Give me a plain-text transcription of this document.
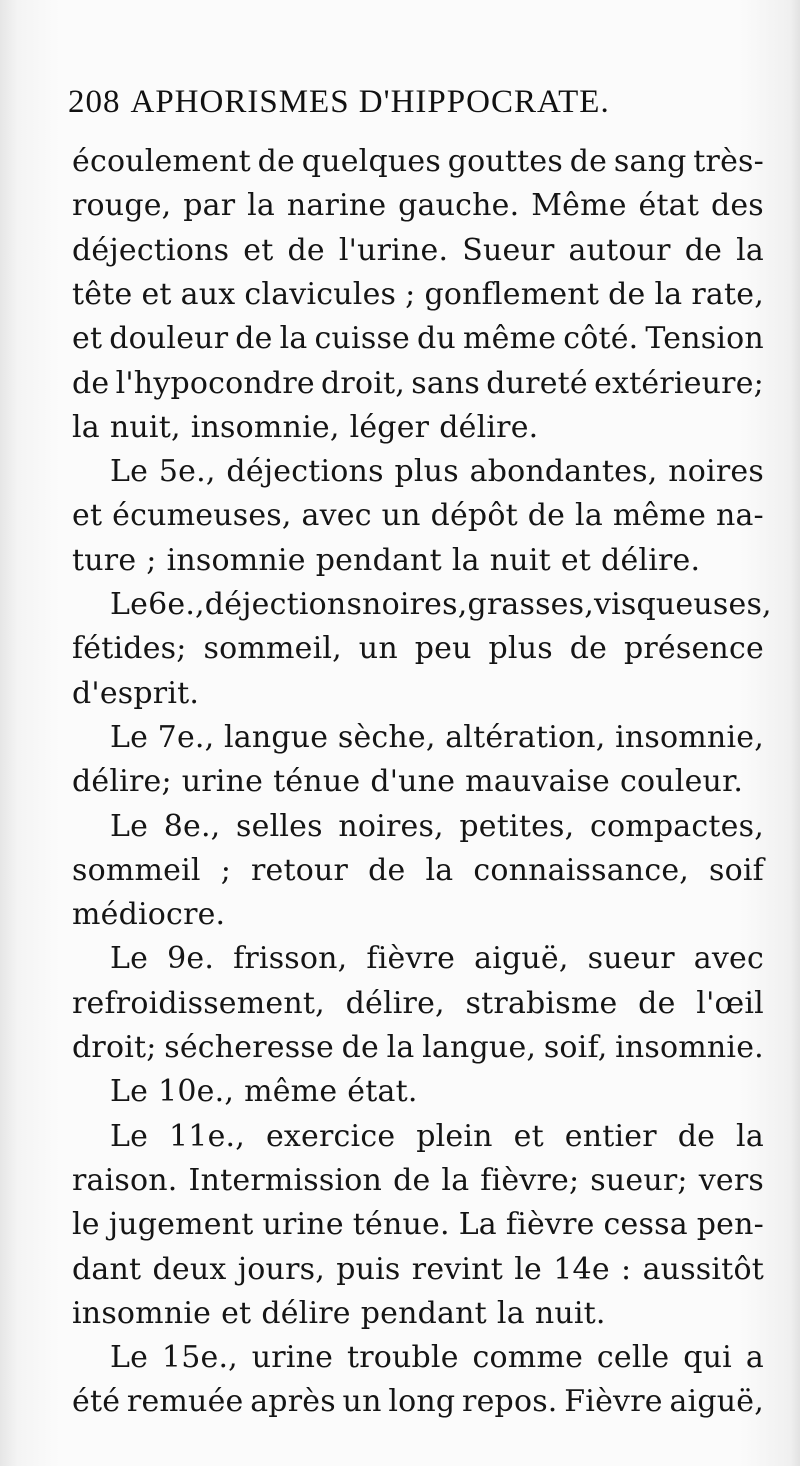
208 APHORISMES D'HIPPOCRATE.
écoulement de quelques gouttes de sang très-
rouge, par la narine gauche. Même état des
déjections et de l'urine. Sueur autour de la
tête et aux clavicules ; gonflement de la rate,
et douleur de la cuisse du même côté. Tension
de l'hypocondre droit, sans dureté extérieure;
la nuit, insomnie, léger délire.
Le 5e., déjections plus abondantes, noires
et écumeuses, avec un dépôt de la même na-
ture ; insomnie pendant la nuit et délire.
Le 6e., déjections noires, grasses, visqueuses,
fétides; sommeil, un peu plus de présence
d'esprit.
Le 7e., langue sèche, altération, insomnie,
délire; urine ténue d'une mauvaise couleur.
Le 8e., selles noires, petites, compactes,
sommeil ; retour de la connaissance, soif
médiocre.
Le 9e. frisson, fièvre aiguë, sueur avec
refroidissement, délire, strabisme de l'œil
droit; sécheresse de la langue, soif, insomnie.
Le 10e., même état.
Le 11e., exercice plein et entier de la
raison. Intermission de la fièvre; sueur; vers
le jugement urine ténue. La fièvre cessa pen-
dant deux jours, puis revint le 14e : aussitôt
insomnie et délire pendant la nuit.
Le 15e., urine trouble comme celle qui a
été remuée après un long repos. Fièvre aiguë,
